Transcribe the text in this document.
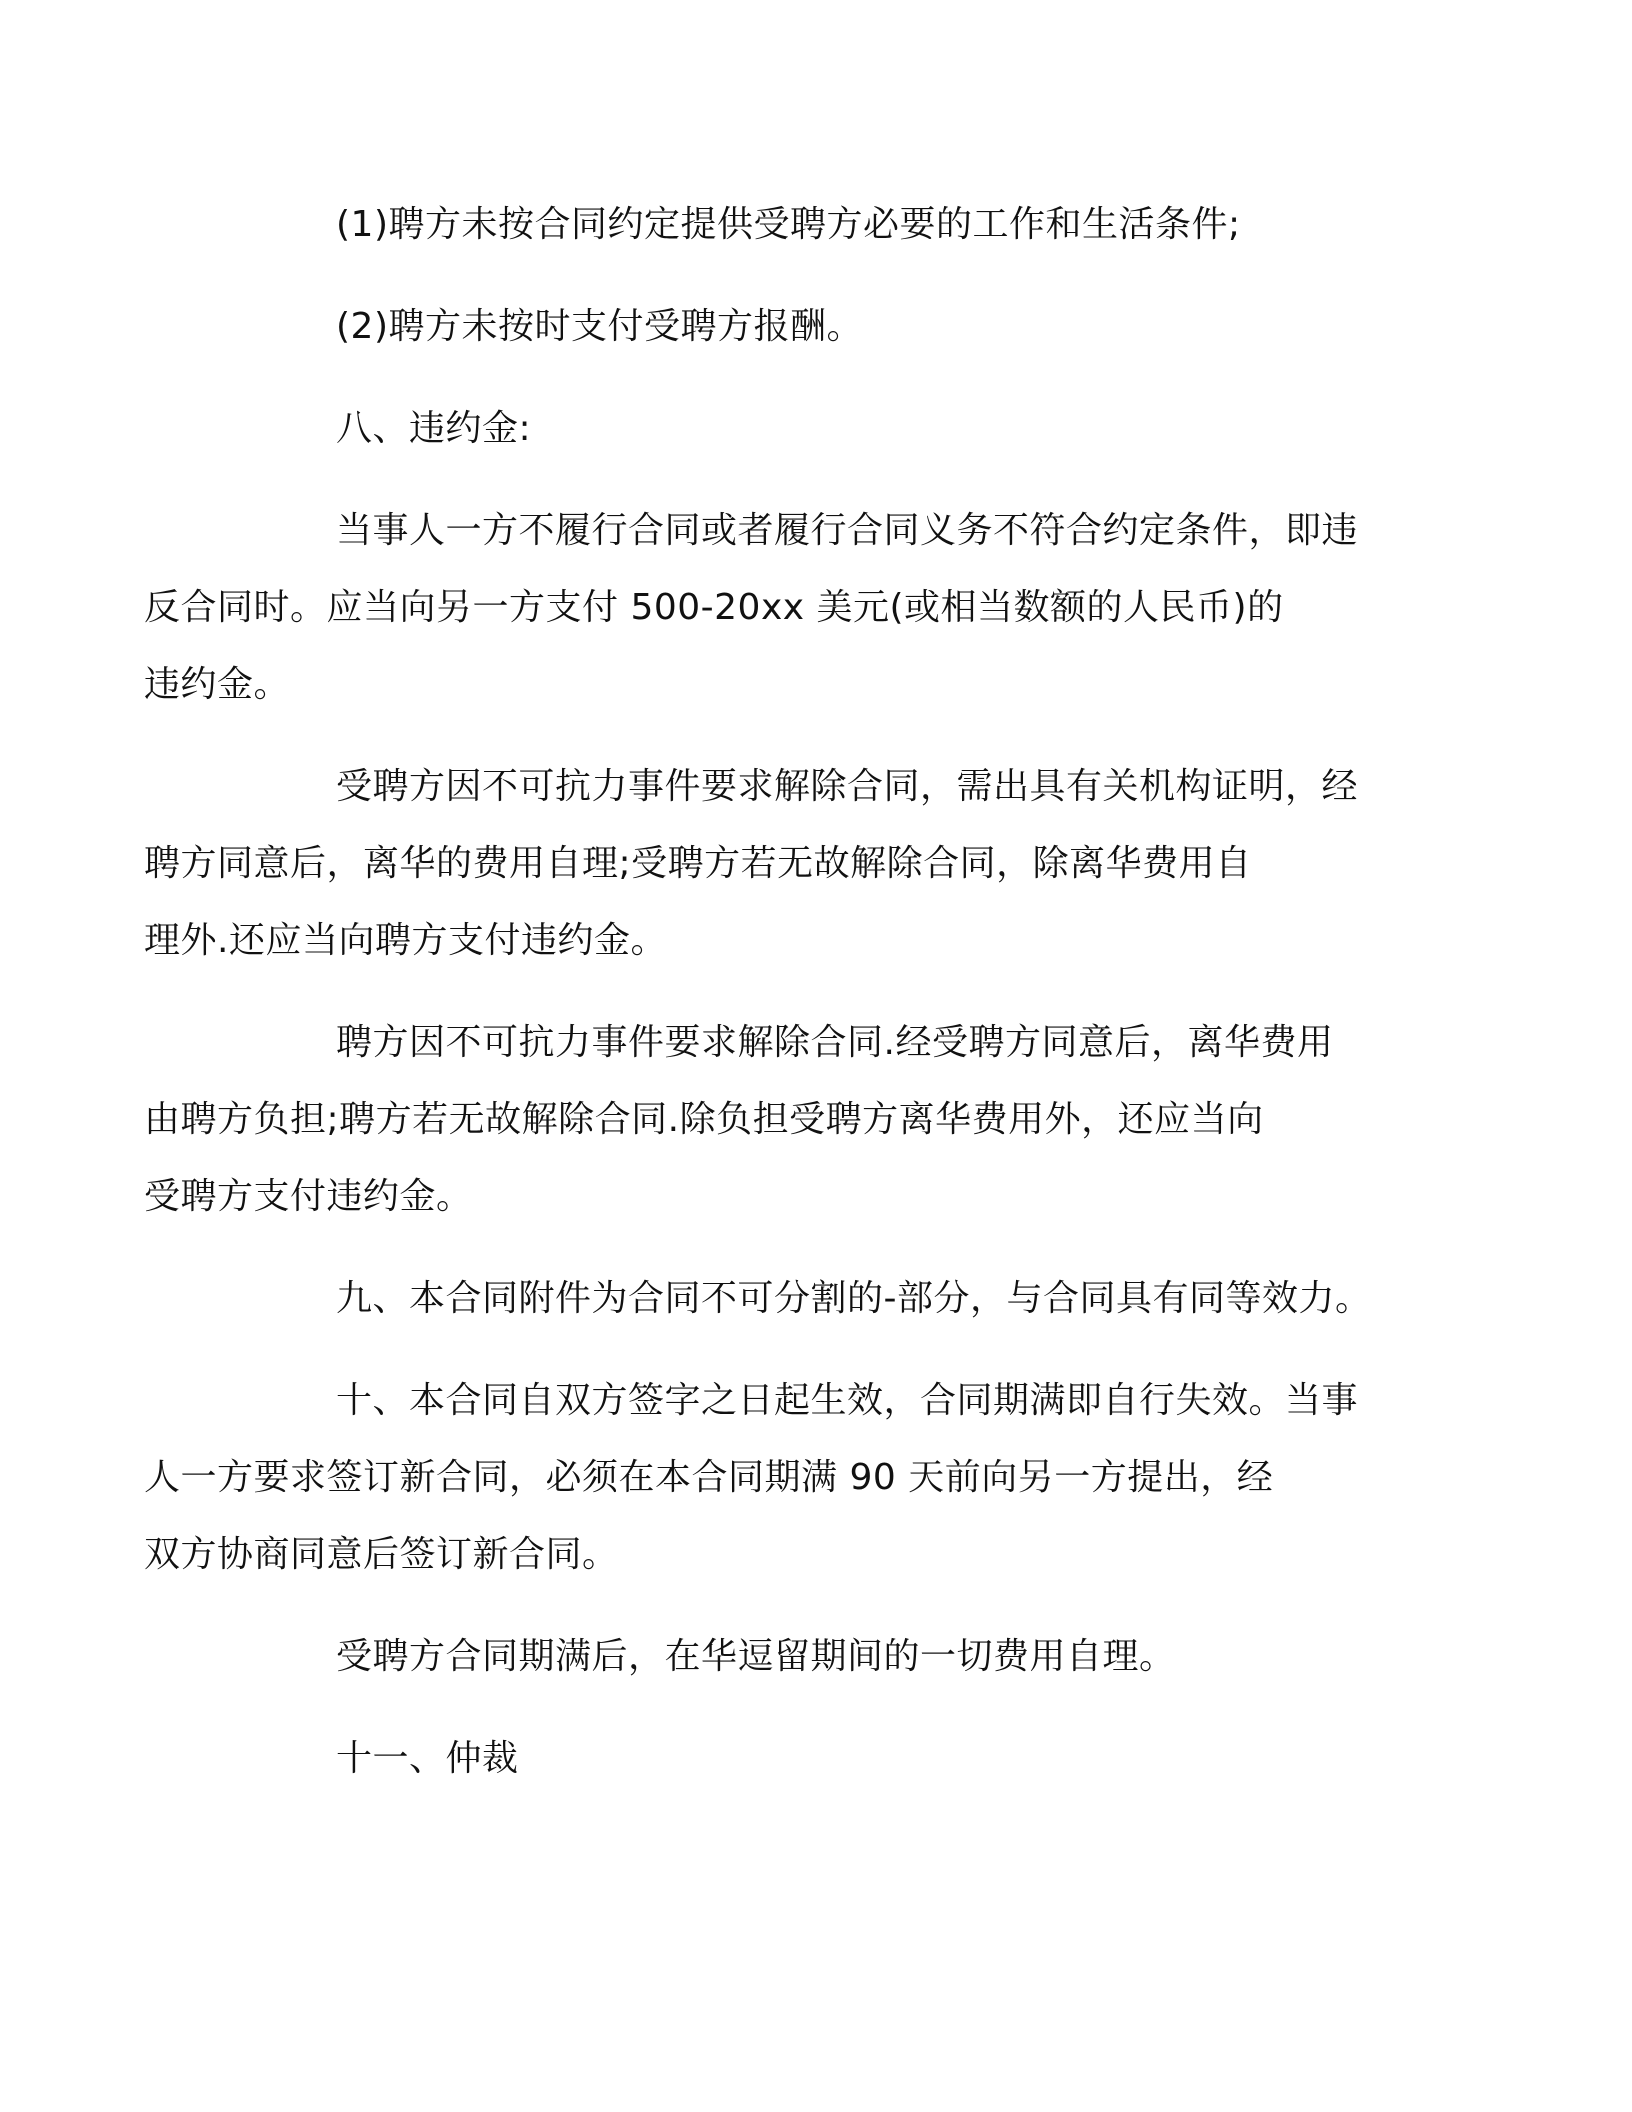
(1)聘方未按合同约定提供受聘方必要的工作和生活条件;

(2)聘方未按时支付受聘方报酬。

八、违约金:

当事人一方不履行合同或者履行合同义务不符合约定条件，即违
反合同时。应当向另一方支付 500-20xx 美元(或相当数额的人民币)的
违约金。

受聘方因不可抗力事件要求解除合同，需出具有关机构证明，经
聘方同意后，离华的费用自理;受聘方若无故解除合同，除离华费用自
理外.还应当向聘方支付违约金。

聘方因不可抗力事件要求解除合同.经受聘方同意后，离华费用
由聘方负担;聘方若无故解除合同.除负担受聘方离华费用外，还应当向
受聘方支付违约金。

九、本合同附件为合同不可分割的-部分，与合同具有同等效力。

十、本合同自双方签字之日起生效，合同期满即自行失效。当事
人一方要求签订新合同，必须在本合同期满 90 天前向另一方提出，经
双方协商同意后签订新合同。

受聘方合同期满后，在华逗留期间的一切费用自理。

十一、仲裁
